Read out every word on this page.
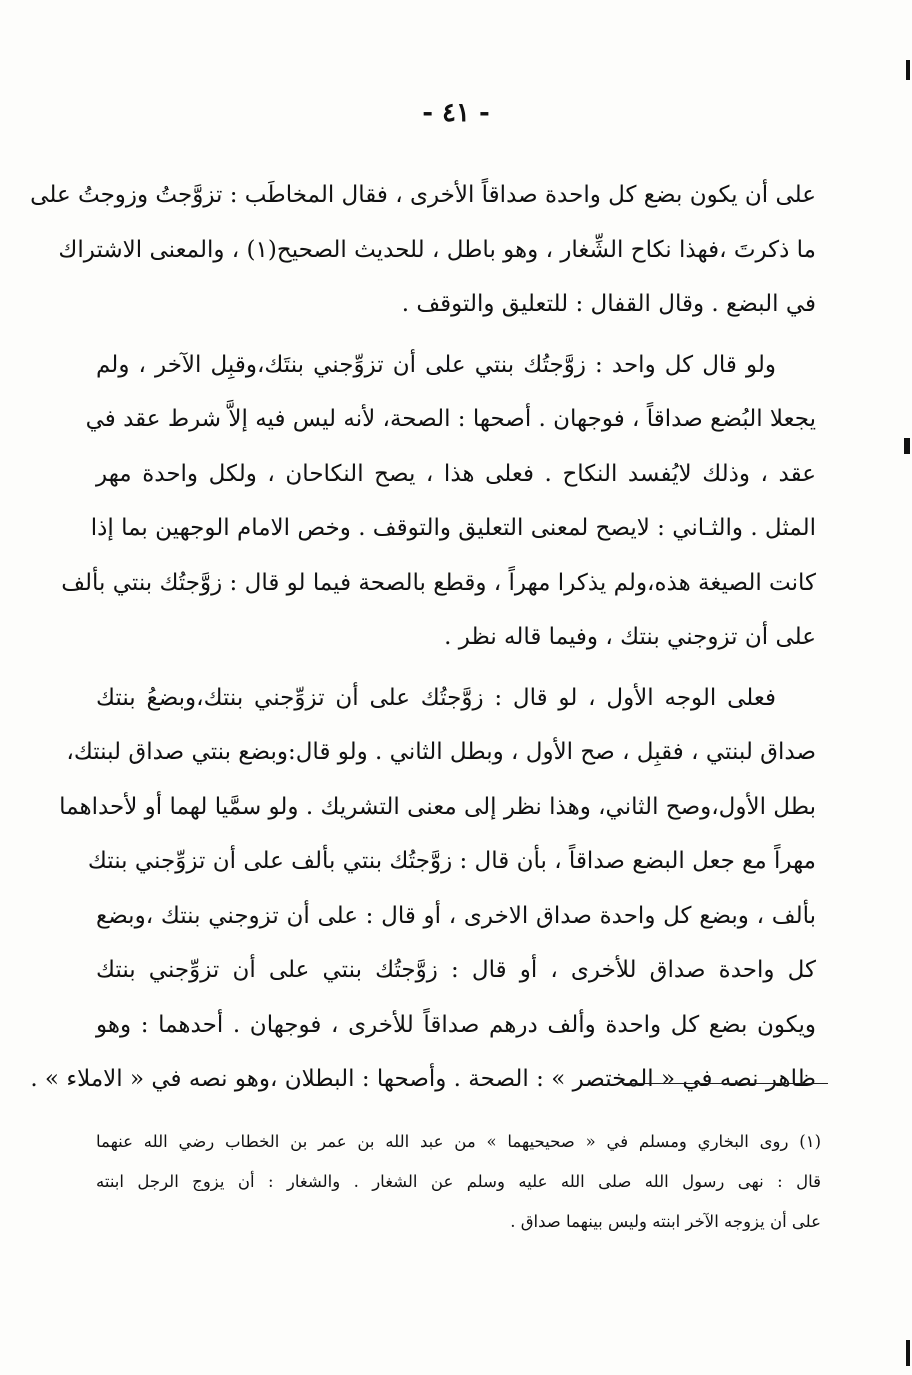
- ٤١ -

على أن يكون بضع كل واحدة صداقاً الأخرى ، فقال المخاطَب : تزوَّجتُ وزوجتُ على
ما ذكرتَ ،فهذا نكاح الشِّغار ، وهو باطل ، للحديث الصحيح(١) ، والمعنى الاشتراك
في البضع . وقال القفال : للتعليق والتوقف .

ولو قال كل واحد : زوَّجتُك بنتي على أن تزوِّجني بنتَك،وقبِل الآخر ، ولم
يجعلا البُضع صداقاً ، فوجهان . أصحها : الصحة، لأنه ليس فيه إلاَّ شرط عقد في
عقد ، وذلك لايُفسد النكاح . فعلى هذا ، يصح النكاحان ، ولكل واحدة مهر
المثل . والثـاني : لايصح لمعنى التعليق والتوقف . وخص الامام الوجهين بما إذا
كانت الصيغة هذه،ولم يذكرا مهراً ، وقطع بالصحة فيما لو قال : زوَّجتُك بنتي بألف
على أن تزوجني بنتك ، وفيما قاله نظر .

فعلى الوجه الأول ، لو قال : زوَّجتُك على أن تزوِّجني بنتك،وبضعُ بنتك
صداق لبنتي ، فقبِل ، صح الأول ، وبطل الثاني . ولو قال:وبضع بنتي صداق لبنتك،
بطل الأول،وصح الثاني، وهذا نظر إلى معنى التشريك . ولو سمَّيا لهما أو لأحداهما
مهراً مع جعل البضع صداقاً ، بأن قال : زوَّجتُك بنتي بألف على أن تزوِّجني بنتك
بألف ، وبضع كل واحدة صداق الاخرى ، أو قال : على أن تزوجني بنتك ،وبضع
كل واحدة صداق للأخرى ، أو قال : زوَّجتُك بنتي على أن تزوِّجني بنتك
ويكون بضع كل واحدة وألف درهم صداقاً للأخرى ، فوجهان . أحدهما : وهو
ظاهر نصه في « المختصر » : الصحة . وأصحها : البطلان ،وهو نصه في « الاملاء » .

(١) روى البخاري ومسلم في « صحيحيهما » من عبد الله بن عمر بن الخطاب رضي الله عنهما
قال : نهى رسول الله صلى الله عليه وسلم عن الشغار . والشغار : أن يزوج الرجل ابنته
على أن يزوجه الآخر ابنته وليس بينهما صداق .
